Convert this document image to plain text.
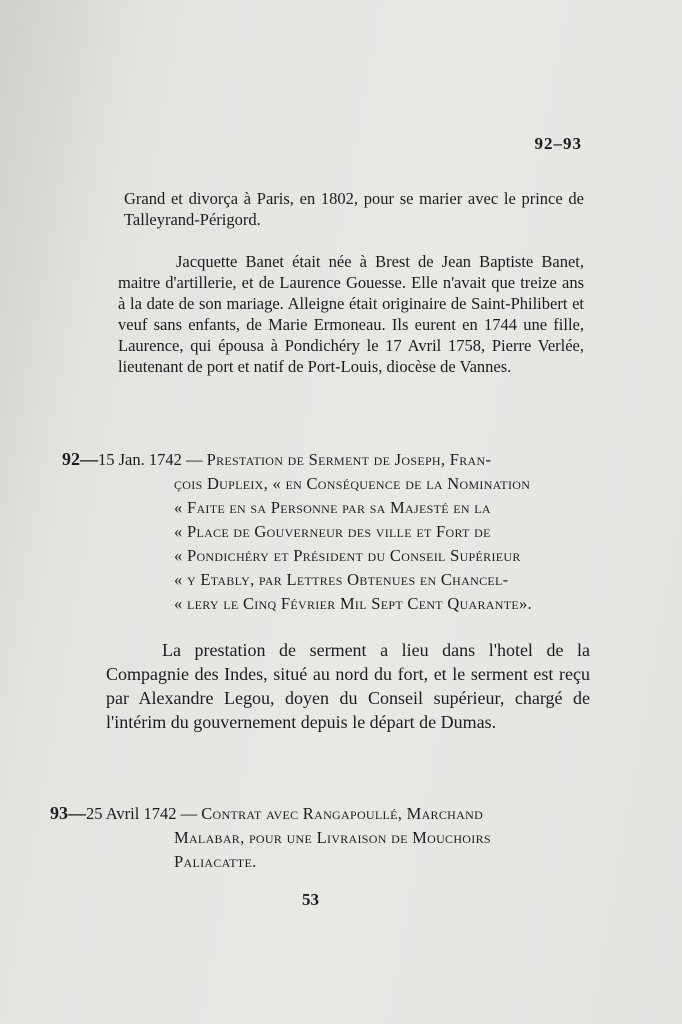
92–93
Grand et divorça à Paris, en 1802, pour se marier avec le prince de Talleyrand-Périgord.
Jacquette Banet était née à Brest de Jean Baptiste Banet, maitre d'artillerie, et de Laurence Gouesse. Elle n'avait que treize ans à la date de son mariage. Alleigne était originaire de Saint-Philibert et veuf sans enfants, de Marie Ermoneau. Ils eurent en 1744 une fille, Laurence, qui épousa à Pondichéry le 17 Avril 1758, Pierre Verlée, lieutenant de port et natif de Port-Louis, diocèse de Vannes.
92—15 Jan. 1742 — Prestation de Serment de Joseph, Fran-
çois Dupleix, « en Conséquence de la Nomination
« Faite en sa Personne par sa Majesté en la
« Place de Gouverneur des ville et Fort de
« Pondichéry et Président du Conseil Supérieur
« y Etably, par Lettres Obtenues en Chancel-
« lery le Cinq Février Mil Sept Cent Quarante».
La prestation de serment a lieu dans l'hotel de la Compagnie des Indes, situé au nord du fort, et le serment est reçu par Alexandre Legou, doyen du Conseil supérieur, chargé de l'intérim du gouvernement depuis le départ de Dumas.
93—25 Avril 1742 — Contrat avec Rangapoullé, Marchand
Malabar, pour une Livraison de Mouchoirs
Paliacatte.
53
